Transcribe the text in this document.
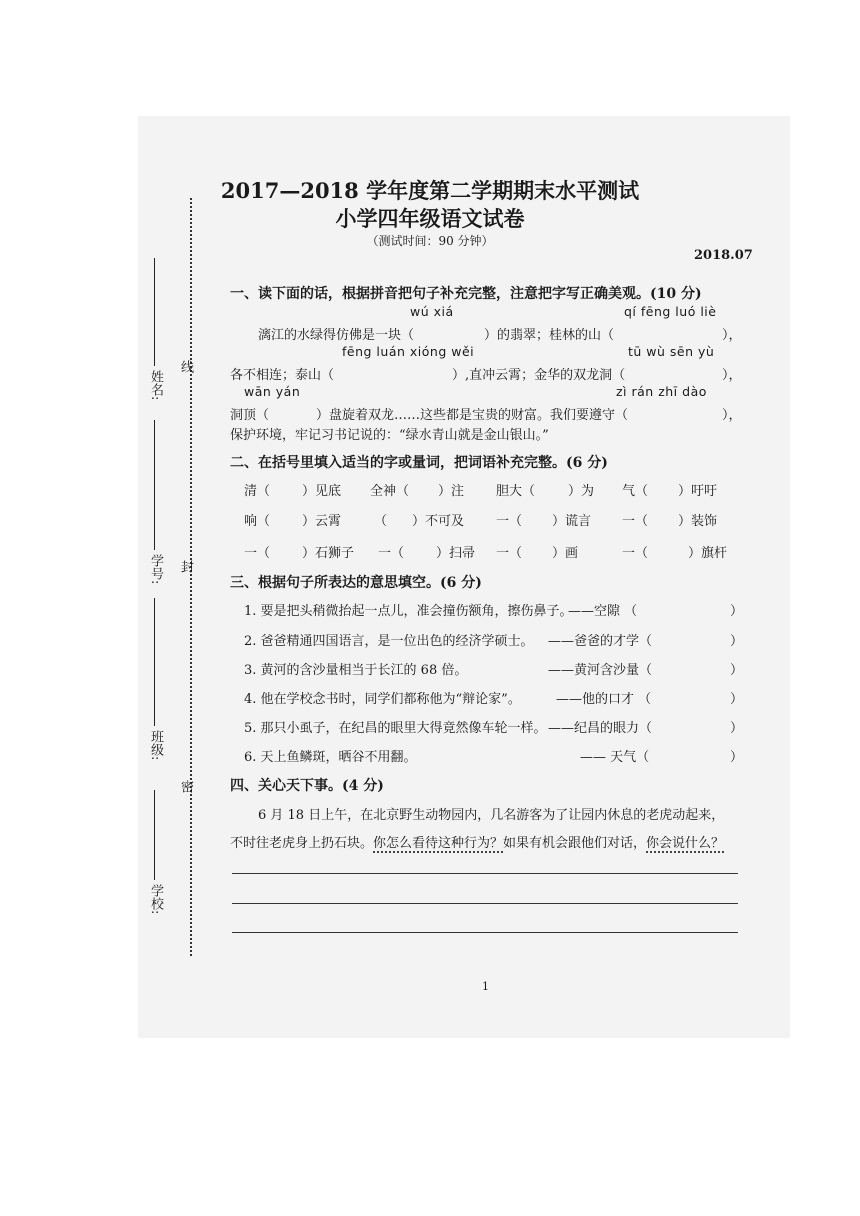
姓名:
线
学号: 封
班级:
密
学校:
2017—2018 学年度第二学期期末水平测试
小学四年级语文试卷
（测试时间：90 分钟）
2018.07
一、读下面的话，根据拼音把句子补充完整，注意把字写正确美观。(10 分)
wú xiá	qí fēng luó liè
漓江的水绿得仿佛是一块（	）的翡翠；桂林的山（	），
fēng luán xióng wěi	tū wù sēn yù
各不相连；泰山（	）,直冲云霄；金华的双龙洞（	），
wān yán	zì rán zhī dào
洞顶（	）盘旋着双龙……这些都是宝贵的财富。我们要遵守（	），
保护环境，牢记习书记说的：“绿水青山就是金山银山。”
二、在括号里填入适当的字或量词，把词语补充完整。(6 分)
清（ ）见底 全神（ ）注 胆大（	）为 气（ ）吁吁
响（ ）云霄	（ ）不可及 一（ ）谎言 一（ ）装饰
一（ ）石狮子 一（ ）扫帚 一（ ）画	一（	）旗杆
三、根据句子所表达的意思填空。(6 分)
1. 要是把头稍微抬起一点儿，准会撞伤额角，擦伤鼻子。
——空隙 （	）
2. 爸爸精通四国语言，是一位出色的经济学硕士。 ——爸爸的才学（	）
3. 黄河的含沙量相当于长江的 68 倍。	——黄河含沙量（	）
4. 他在学校念书时，同学们都称他为“辩论家”。	——他的口才 （	）
5. 那只小虱子，在纪昌的眼里大得竟然像车轮一样。 ——纪昌的眼力（	）
6. 天上鱼鳞斑，晒谷不用翻。	—— 天气（	）
四、关心天下事。(4 分)
6 月 18 日上午，在北京野生动物园内，几名游客为了让园内休息的老虎动起来，
不时往老虎身上扔石块。你怎么看待这种行为？如果有机会跟他们对话，你会说什么？
1
